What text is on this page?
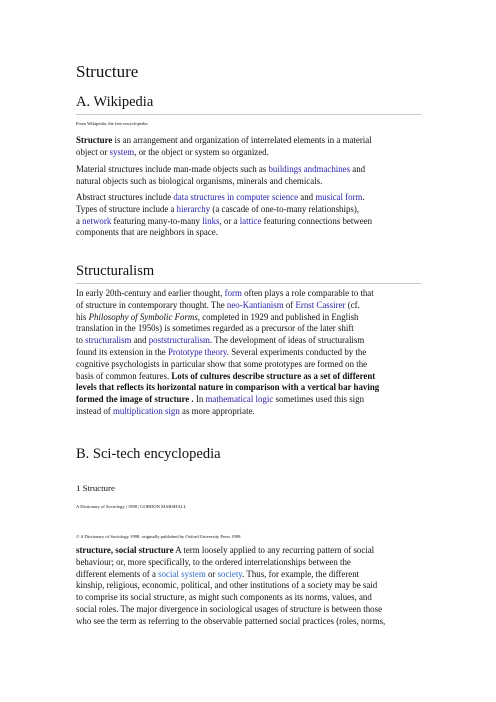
Structure
A. Wikipedia
From Wikipedia, the free encyclopedia
Structure is an arrangement and organization of interrelated elements in a material
object or system, or the object or system so organized.
Material structures include man-made objects such as buildings andmachines and
natural objects such as biological organisms, minerals and chemicals.
Abstract structures include data structures in computer science and musical form.
Types of structure include a hierarchy (a cascade of one-to-many relationships),
a network featuring many-to-many links, or a lattice featuring connections between
components that are neighbors in space.
Structuralism
In early 20th-century and earlier thought, form often plays a role comparable to that
of structure in contemporary thought. The neo-Kantianism of Ernst Cassirer (cf.
his Philosophy of Symbolic Forms, completed in 1929 and published in English
translation in the 1950s) is sometimes regarded as a precursor of the later shift
to structuralism and poststructuralism. The development of ideas of structuralism
found its extension in the Prototype theory. Several experiments conducted by the
cognitive psychologists in particular show that some prototypes are formed on the
basis of common features. Lots of cultures describe structure as a set of different
levels that reflects its horizontal nature in comparison with a vertical bar having
formed the image of structure . In mathematical logic sometimes used this sign
instead of multiplication sign as more appropriate.
B. Sci-tech encyclopedia
1 Structure
A Dictionary of Sociology | 1998 | GORDON MARSHALL
© A Dictionary of Sociology 1998, originally published by Oxford University Press 1998.
structure, social structure A term loosely applied to any recurring pattern of social
behaviour; or, more specifically, to the ordered interrelationships between the
different elements of a social system or society. Thus, for example, the different
kinship, religious, economic, political, and other institutions of a society may be said
to comprise its social structure, as might such components as its norms, values, and
social roles. The major divergence in sociological usages of structure is between those
who see the term as referring to the observable patterned social practices (roles, norms,
